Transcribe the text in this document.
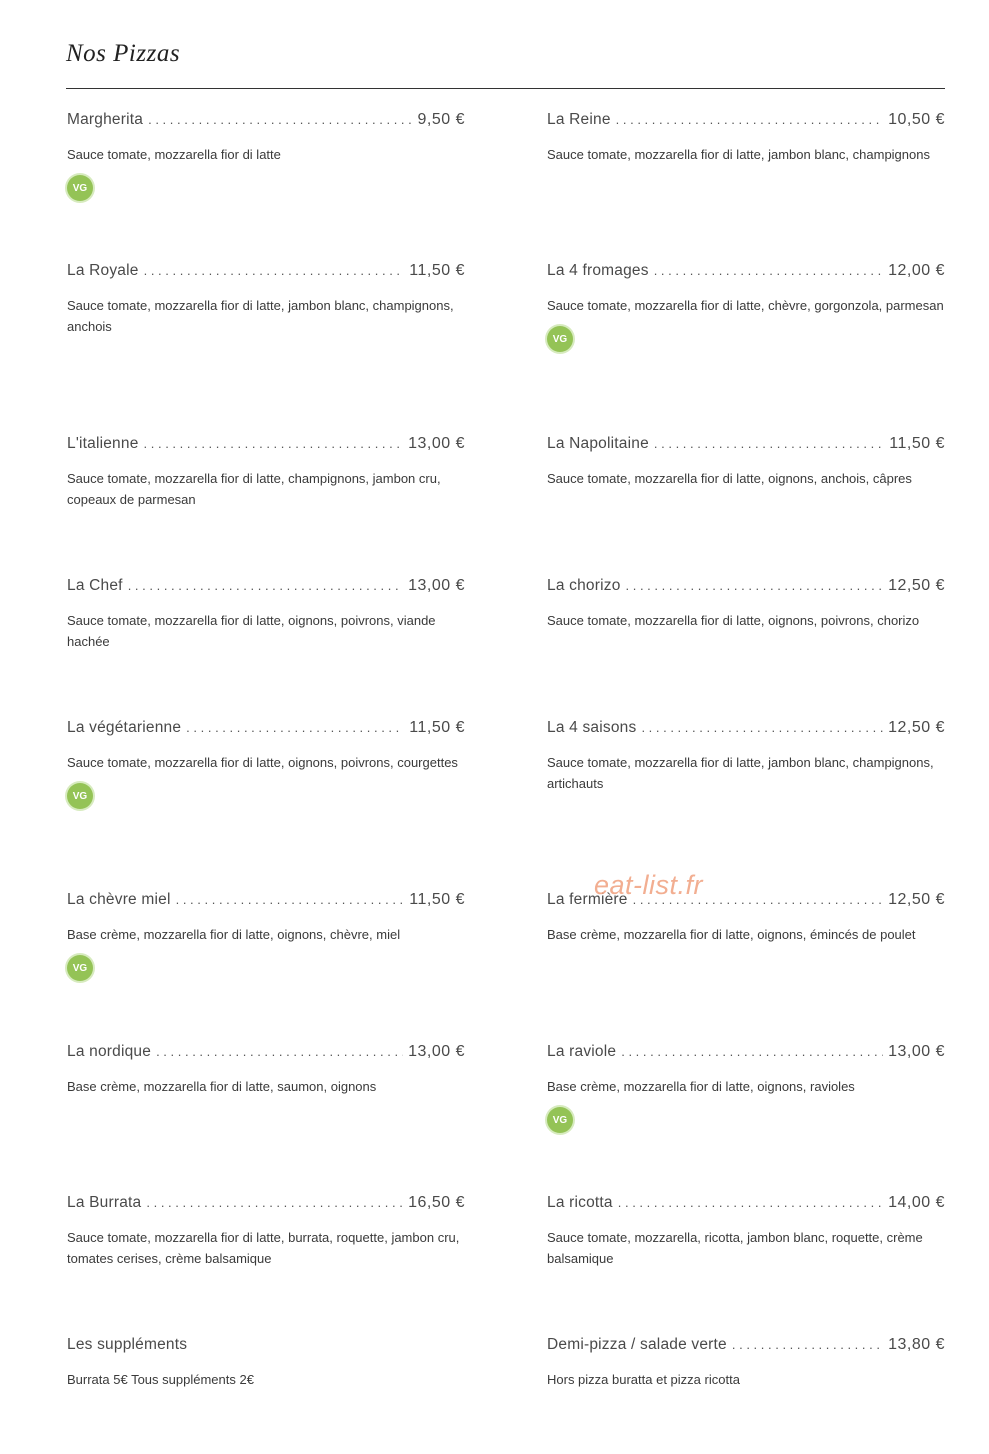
Nos Pizzas
Margherita . . .	9,50 €
Sauce tomate, mozzarella fior di latte
VG
La Reine . . .	10,50 €
Sauce tomate, mozzarella fior di latte, jambon blanc, champignons
La Royale . . .	11,50 €
Sauce tomate, mozzarella fior di latte, jambon blanc, champignons, anchois
La 4 fromages . . .	12,00 €
Sauce tomate, mozzarella fior di latte, chèvre, gorgonzola, parmesan
VG
L'italienne . . .	13,00 €
Sauce tomate, mozzarella fior di latte, champignons, jambon cru, copeaux de parmesan
La Napolitaine . . .	11,50 €
Sauce tomate, mozzarella fior di latte, oignons, anchois, câpres
La Chef . . .	13,00 €
Sauce tomate, mozzarella fior di latte, oignons, poivrons, viande hachée
La chorizo . . .	12,50 €
Sauce tomate, mozzarella fior di latte, oignons, poivrons, chorizo
La végétarienne . . .	11,50 €
Sauce tomate, mozzarella fior di latte, oignons, poivrons, courgettes
VG
La 4 saisons . . .	12,50 €
Sauce tomate, mozzarella fior di latte, jambon blanc, champignons, artichauts
La chèvre miel . . .	11,50 €
Base crème, mozzarella fior di latte, oignons, chèvre, miel
VG
La fermière . . .	12,50 €
Base crème, mozzarella fior di latte, oignons, émincés de poulet
La nordique . . .	13,00 €
Base crème, mozzarella fior di latte, saumon, oignons
La raviole . . .	13,00 €
Base crème, mozzarella fior di latte, oignons, ravioles
VG
La Burrata . . .	16,50 €
Sauce tomate, mozzarella fior di latte, burrata, roquette, jambon cru, tomates cerises, crème balsamique
La ricotta . . .	14,00 €
Sauce tomate, mozzarella, ricotta, jambon blanc, roquette, crème balsamique
Les suppléments
Burrata 5€ Tous suppléments 2€
Demi-pizza / salade verte . . .	13,80 €
Hors pizza buratta et pizza ricotta
eat-list.fr
